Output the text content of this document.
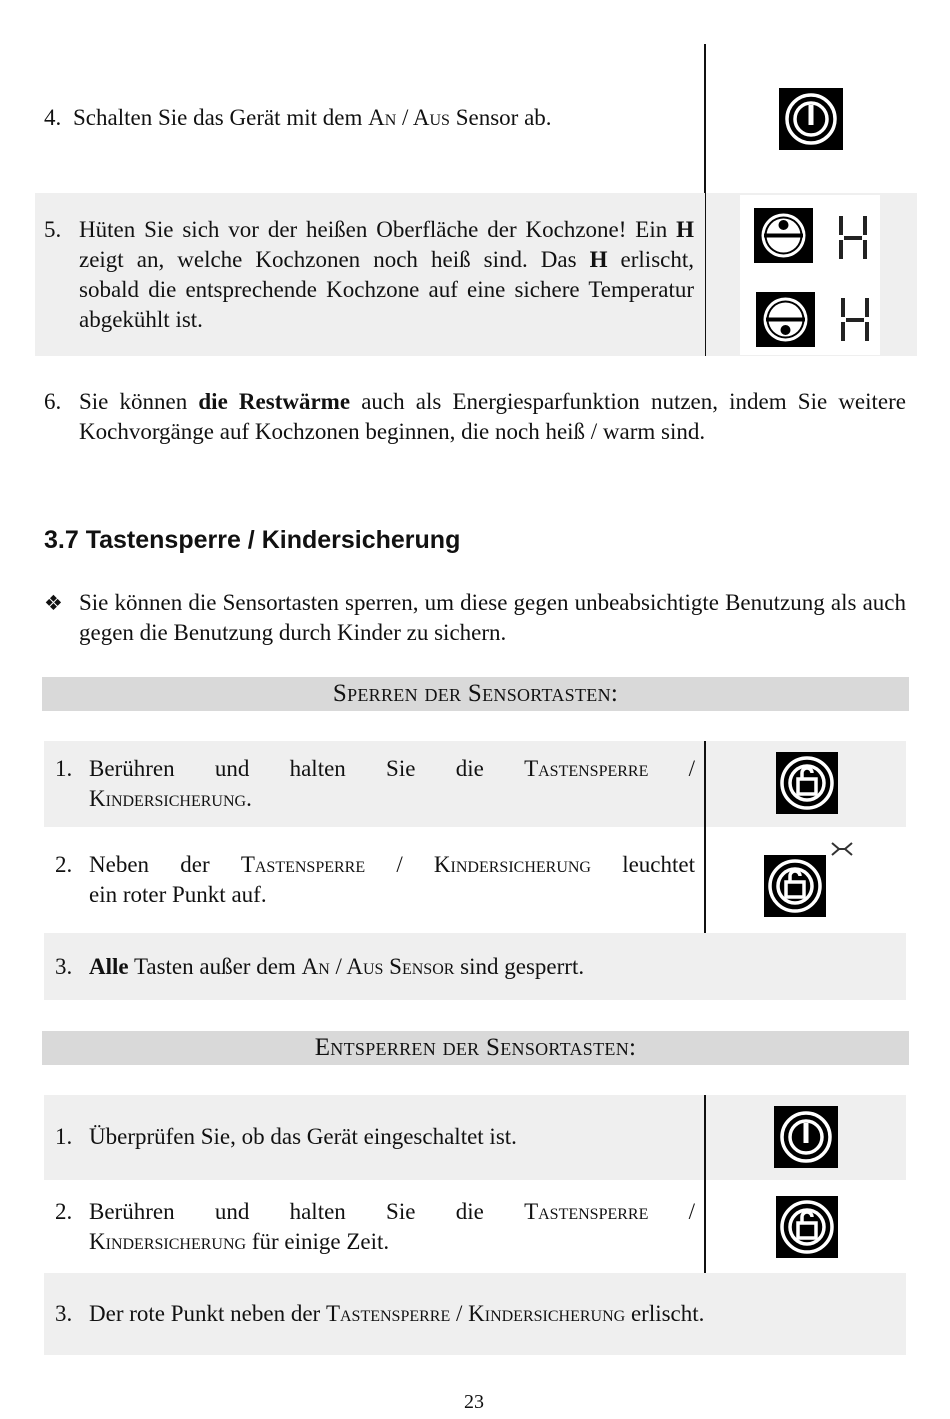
4. Schalten Sie das Gerät mit dem An / Aus Sensor ab.
5. Hüten Sie sich vor der heißen Oberfläche der Kochzone! Ein H zeigt an, welche Kochzonen noch heiß sind. Das H erlischt, sobald die entsprechende Kochzone auf eine sichere Temperatur abgekühlt ist.
6. Sie können die Restwärme auch als Energiesparfunktion nutzen, indem Sie weitere Kochvorgänge auf Kochzonen beginnen, die noch heiß / warm sind.
3.7 Tastensperre / Kindersicherung
❖ Sie können die Sensortasten sperren, um diese gegen unbeabsichtigte Benutzung als auch gegen die Benutzung durch Kinder zu sichern.
Sperren der Sensortasten:
1. Berühren und halten Sie die Tastensperre /
Kindersicherung.
2. Neben der Tastensperre / Kindersicherung leuchtet
ein roter Punkt auf.
3. Alle Tasten außer dem An / Aus Sensor sind gesperrt.
Entsperren der Sensortasten:
1. Überprüfen Sie, ob das Gerät eingeschaltet ist.
2. Berühren und halten Sie die Tastensperre /
Kindersicherung für einige Zeit.
3. Der rote Punkt neben der Tastensperre / Kindersicherung erlischt.
23
